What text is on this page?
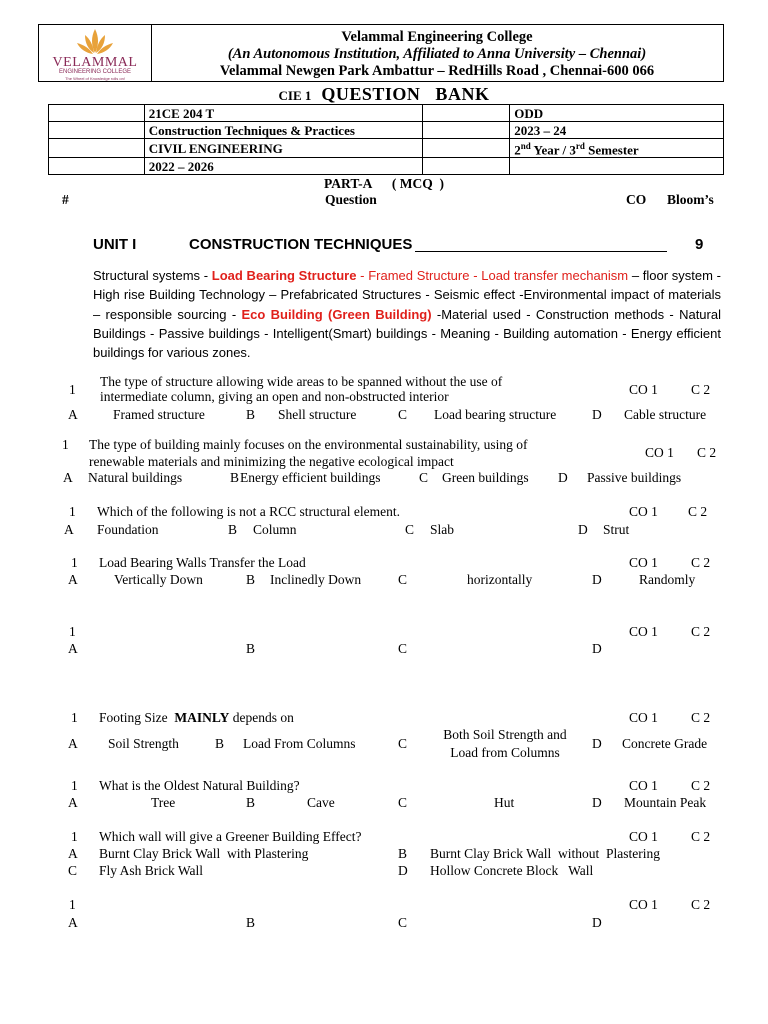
VELAMMAL
ENGINEERING COLLEGE
The Wheel of Knowledge rolls on!
Velammal Engineering College
(An Autonomous Institution, Affiliated to Anna University – Chennai)
Velammal Newgen Park Ambattur – RedHills Road , Chennai-600 066
CIE 1 QUESTION   BANK
	21CE 204 T		ODD
	Construction Techniques & Practices		2023 – 24
	CIVIL ENGINEERING		2nd Year / 3rd Semester
	2022 – 2026		
PART-A      ( MCQ  )
#	Question	CO Bloom’s
UNIT I	CONSTRUCTION TECHNIQUES	9
Structural systems - Load Bearing Structure - Framed Structure - Load transfer mechanism – floor system - High rise Building Technology – Prefabricated Structures - Seismic effect -Environmental impact of materials – responsible sourcing - Eco Building (Green Building) -Material used - Construction methods - Natural Buildings - Passive buildings - Intelligent(Smart) buildings - Meaning - Building automation - Energy efficient buildings for various zones.
1
The type of structure allowing wide areas to be spanned without the use of
intermediate column, giving an open and non-obstructed interior	CO 1 C 2
A	Framed structure	B Shell structure	C Load bearing structure	D Cable structure
1 The type of building mainly focuses on the environmental sustainability, using of
renewable materials and minimizing the negative ecological impact
CO 1 C 2
A Natural buildings	B Energy efficient buildings	C Green buildings D Passive buildings
1 Which of the following is not a RCC structural element.	CO 1 C 2
A Foundation	B Column	C Slab	D Strut
1 Load Bearing Walls Transfer the Load	CO 1 C 2
A	Vertically Down	B Inclinedly Down	C	horizontally	D	Randomly
1	CO 1 C 2
A	B	C	D
1 Footing Size  MAINLY depends on	CO 1 C 2
A Soil Strength	B Load From Columns	C
Both Soil Strength and
Load from Columns
D Concrete Grade
1 What is the Oldest Natural Building?	CO 1 C 2
A	Tree	B	Cave	C	Hut	D Mountain Peak
1 Which wall will give a Greener Building Effect?	CO 1 C 2
A Burnt Clay Brick Wall  with Plastering	B Burnt Clay Brick Wall  without  Plastering
C Fly Ash Brick Wall	D Hollow Concrete Block   Wall
1	CO 1 C 2
A	B	C	D
